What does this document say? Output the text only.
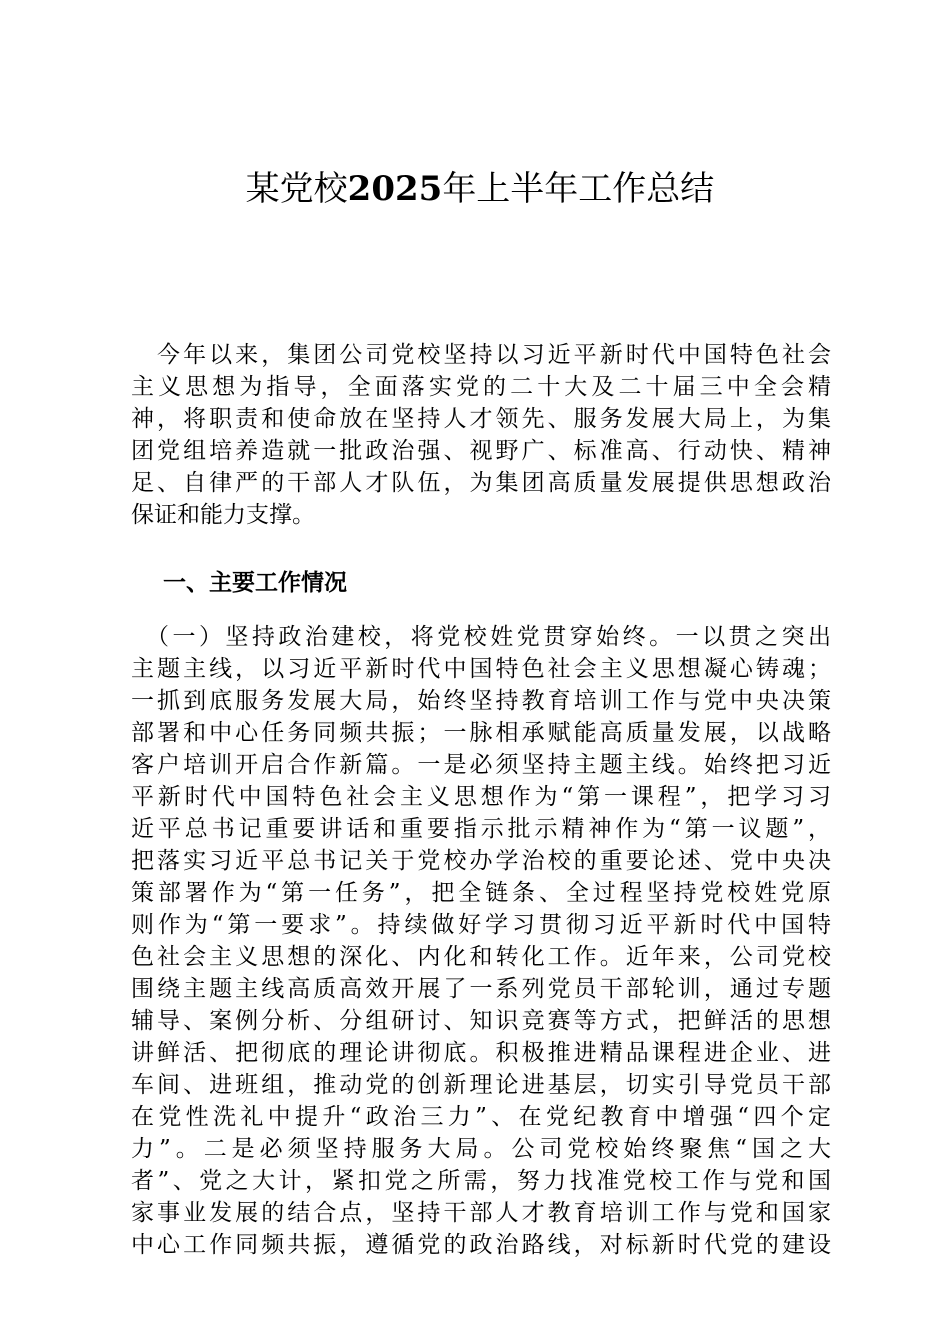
某党校2025年上半年工作总结
　今年以来，集团公司党校坚持以习近平新时代中国特色社会
主义思想为指导，全面落实党的二十大及二十届三中全会精
神，将职责和使命放在坚持人才领先、服务发展大局上，为集
团党组培养造就一批政治强、视野广、标准高、行动快、精神
足、自律严的干部人才队伍，为集团高质量发展提供思想政治
保证和能力支撑。
一、主要工作情况
　（一）坚持政治建校，将党校姓党贯穿始终。一以贯之突出
主题主线，以习近平新时代中国特色社会主义思想凝心铸魂；
一抓到底服务发展大局，始终坚持教育培训工作与党中央决策
部署和中心任务同频共振；一脉相承赋能高质量发展，以战略
客户培训开启合作新篇。一是必须坚持主题主线。始终把习近
平新时代中国特色社会主义思想作为“第一课程”，把学习习
近平总书记重要讲话和重要指示批示精神作为“第一议题”，
把落实习近平总书记关于党校办学治校的重要论述、党中央决
策部署作为“第一任务”，把全链条、全过程坚持党校姓党原
则作为“第一要求”。持续做好学习贯彻习近平新时代中国特
色社会主义思想的深化、内化和转化工作。近年来，公司党校
围绕主题主线高质高效开展了一系列党员干部轮训，通过专题
辅导、案例分析、分组研讨、知识竞赛等方式，把鲜活的思想
讲鲜活、把彻底的理论讲彻底。积极推进精品课程进企业、进
车间、进班组，推动党的创新理论进基层，切实引导党员干部
在党性洗礼中提升“政治三力”、在党纪教育中增强“四个定
力”。二是必须坚持服务大局。公司党校始终聚焦“国之大
者”、党之大计，紧扣党之所需，努力找准党校工作与党和国
家事业发展的结合点，坚持干部人才教育培训工作与党和国家
中心工作同频共振，遵循党的政治路线，对标新时代党的建设
